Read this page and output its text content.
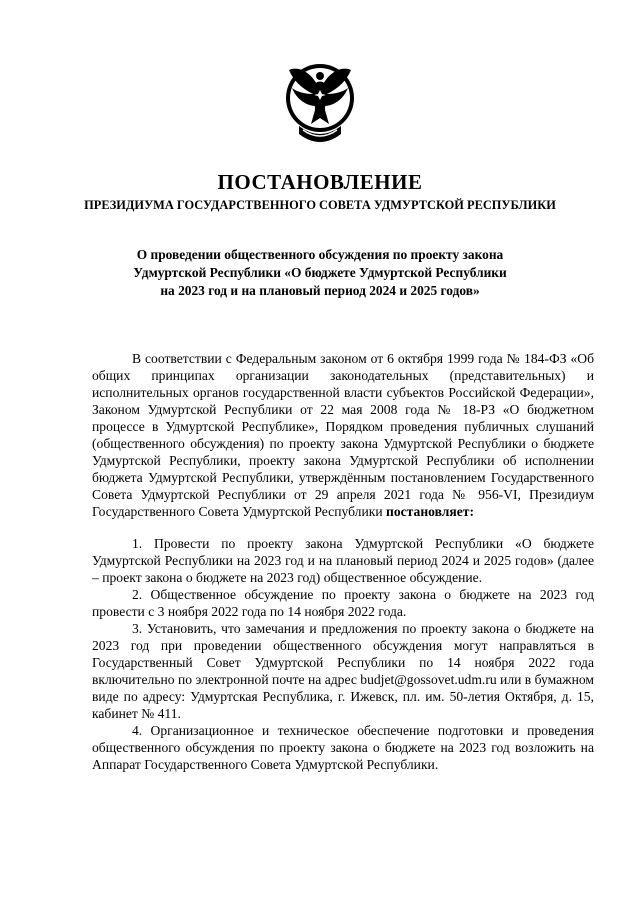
ПОСТАНОВЛЕНИЕ
ПРЕЗИДИУМА ГОСУДАРСТВЕННОГО СОВЕТА УДМУРТСКОЙ РЕСПУБЛИКИ
О проведении общественного обсуждения по проекту закона
Удмуртской Республики «О бюджете Удмуртской Республики
на 2023 год и на плановый период 2024 и 2025 годов»

В соответствии с Федеральным законом от 6 октября 1999 года № 184-ФЗ «Об общих принципах организации законодательных (представительных) и исполнительных органов государственной власти субъектов Российской Федерации», Законом Удмуртской Республики от 22 мая 2008 года № 18-РЗ «О бюджетном процессе в Удмуртской Республике», Порядком проведения публичных слушаний (общественного обсуждения) по проекту закона Удмуртской Республики о бюджете Удмуртской Республики, проекту закона Удмуртской Республики об исполнении бюджета Удмуртской Республики, утверждённым постановлением Государственного Совета Удмуртской Республики от 29 апреля 2021 года № 956-VI, Президиум Государственного Совета Удмуртской Республики постановляет:

1. Провести по проекту закона Удмуртской Республики «О бюджете Удмуртской Республики на 2023 год и на плановый период 2024 и 2025 годов» (далее – проект закона о бюджете на 2023 год) общественное обсуждение.

2. Общественное обсуждение по проекту закона о бюджете на 2023 год провести с 3 ноября 2022 года по 14 ноября 2022 года.

3. Установить, что замечания и предложения по проекту закона о бюджете на 2023 год при проведении общественного обсуждения могут направляться в Государственный Совет Удмуртской Республики по 14 ноября 2022 года включительно по электронной почте на адрес budjet@gossovet.udm.ru или в бумажном виде по адресу: Удмуртская Республика, г. Ижевск, пл. им. 50-летия Октября, д. 15, кабинет № 411.

4. Организационное и техническое обеспечение подготовки и проведения общественного обсуждения по проекту закона о бюджете на 2023 год возложить на Аппарат Государственного Совета Удмуртской Республики.
